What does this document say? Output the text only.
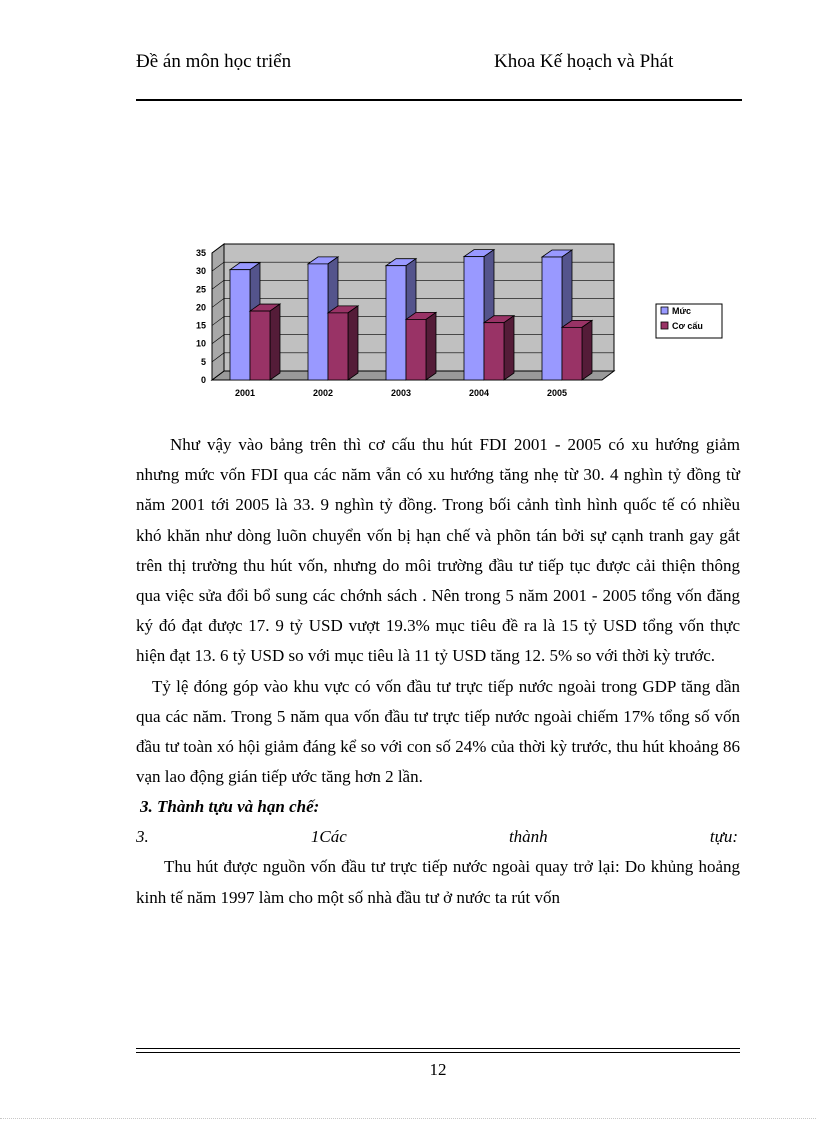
Đề án môn học triển	Khoa Kế hoạch và Phát
0
5
10
15
20
25
30
35
2001	2002	2003	2004	2005
Mức
Cơ cấu

Như vậy vào bảng trên thì cơ cấu thu hút FDI 2001 - 2005 có xu hướng giảm nhưng mức vốn FDI qua các năm vẫn có xu hướng tăng nhẹ từ 30. 4 nghìn tỷ đồng từ năm 2001 tới 2005 là 33. 9 nghìn tỷ đồng. Trong bối cảnh tình hình quốc tế có nhiều khó khăn như dòng luõn chuyển vốn bị hạn chế và phõn tán bởi sự cạnh tranh gay gắt trên thị trường thu hút vốn, nhưng do môi trường đầu tư tiếp tục được cải thiện thông qua việc sửa đổi bổ sung các chớnh sách . Nên trong 5 năm 2001 - 2005 tổng vốn đăng ký đó đạt được 17. 9 tỷ USD vượt 19.3% mục tiêu đề ra là 15 tỷ USD tổng vốn thực hiện đạt 13. 6 tỷ USD so với mục tiêu là 11 tỷ USD tăng 12. 5% so với thời kỳ trước.

Tỷ lệ đóng góp vào khu vực có vốn đầu tư trực tiếp nước ngoài trong GDP tăng dần qua các năm. Trong 5 năm qua vốn đầu tư trực tiếp nước ngoài chiếm 17% tổng số vốn đầu tư toàn xó hội giảm đáng kể so với con số 24% của thời kỳ trước, thu hút khoảng 86 vạn lao động gián tiếp ước tăng hơn 2 lần.

3. Thành tựu và hạn chế:

3.	1Các	thành	tựu:

Thu hút được nguồn vốn đầu tư trực tiếp nước ngoài quay trở lại: Do khủng hoảng kinh tế năm 1997 làm cho một số nhà đầu tư ở nước ta rút vốn

12
